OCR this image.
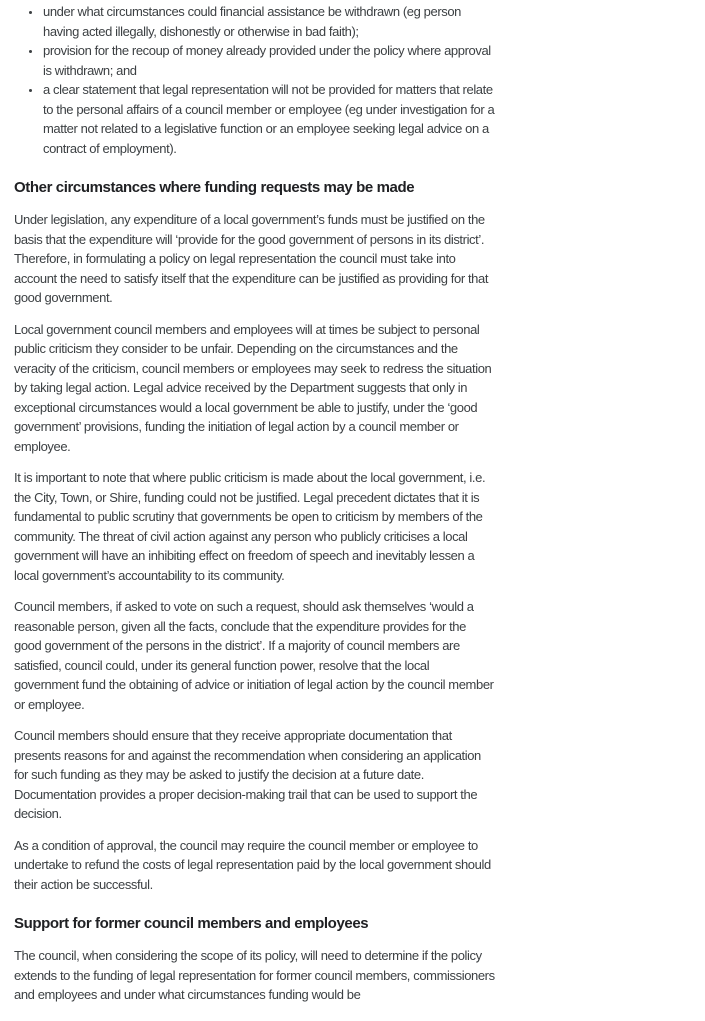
• under what circumstances could financial assistance be withdrawn (eg person having acted illegally, dishonestly or otherwise in bad faith);
• provision for the recoup of money already provided under the policy where approval is withdrawn; and
• a clear statement that legal representation will not be provided for matters that relate to the personal affairs of a council member or employee (eg under investigation for a matter not related to a legislative function or an employee seeking legal advice on a contract of employment).
Other circumstances where funding requests may be made

Under legislation, any expenditure of a local government’s funds must be justified on the basis that the expenditure will ‘provide for the good government of persons in its district’. Therefore, in formulating a policy on legal representation the council must take into account the need to satisfy itself that the expenditure can be justified as providing for that good government.

Local government council members and employees will at times be subject to personal public criticism they consider to be unfair. Depending on the circumstances and the veracity of the criticism, council members or employees may seek to redress the situation by taking legal action. Legal advice received by the Department suggests that only in exceptional circumstances would a local government be able to justify, under the ‘good government’ provisions, funding the initiation of legal action by a council member or employee.

It is important to note that where public criticism is made about the local government, i.e. the City, Town, or Shire, funding could not be justified. Legal precedent dictates that it is fundamental to public scrutiny that governments be open to criticism by members of the community. The threat of civil action against any person who publicly criticises a local government will have an inhibiting effect on freedom of speech and inevitably lessen a local government’s accountability to its community.

Council members, if asked to vote on such a request, should ask themselves ‘would a reasonable person, given all the facts, conclude that the expenditure provides for the good government of the persons in the district’. If a majority of council members are satisfied, council could, under its general function power, resolve that the local government fund the obtaining of advice or initiation of legal action by the council member or employee.

Council members should ensure that they receive appropriate documentation that presents reasons for and against the recommendation when considering an application for such funding as they may be asked to justify the decision at a future date. Documentation provides a proper decision-making trail that can be used to support the decision.

As a condition of approval, the council may require the council member or employee to undertake to refund the costs of legal representation paid by the local government should their action be successful.

Support for former council members and employees

The council, when considering the scope of its policy, will need to determine if the policy extends to the funding of legal representation for former council members, commissioners and employees and under what circumstances funding would be
